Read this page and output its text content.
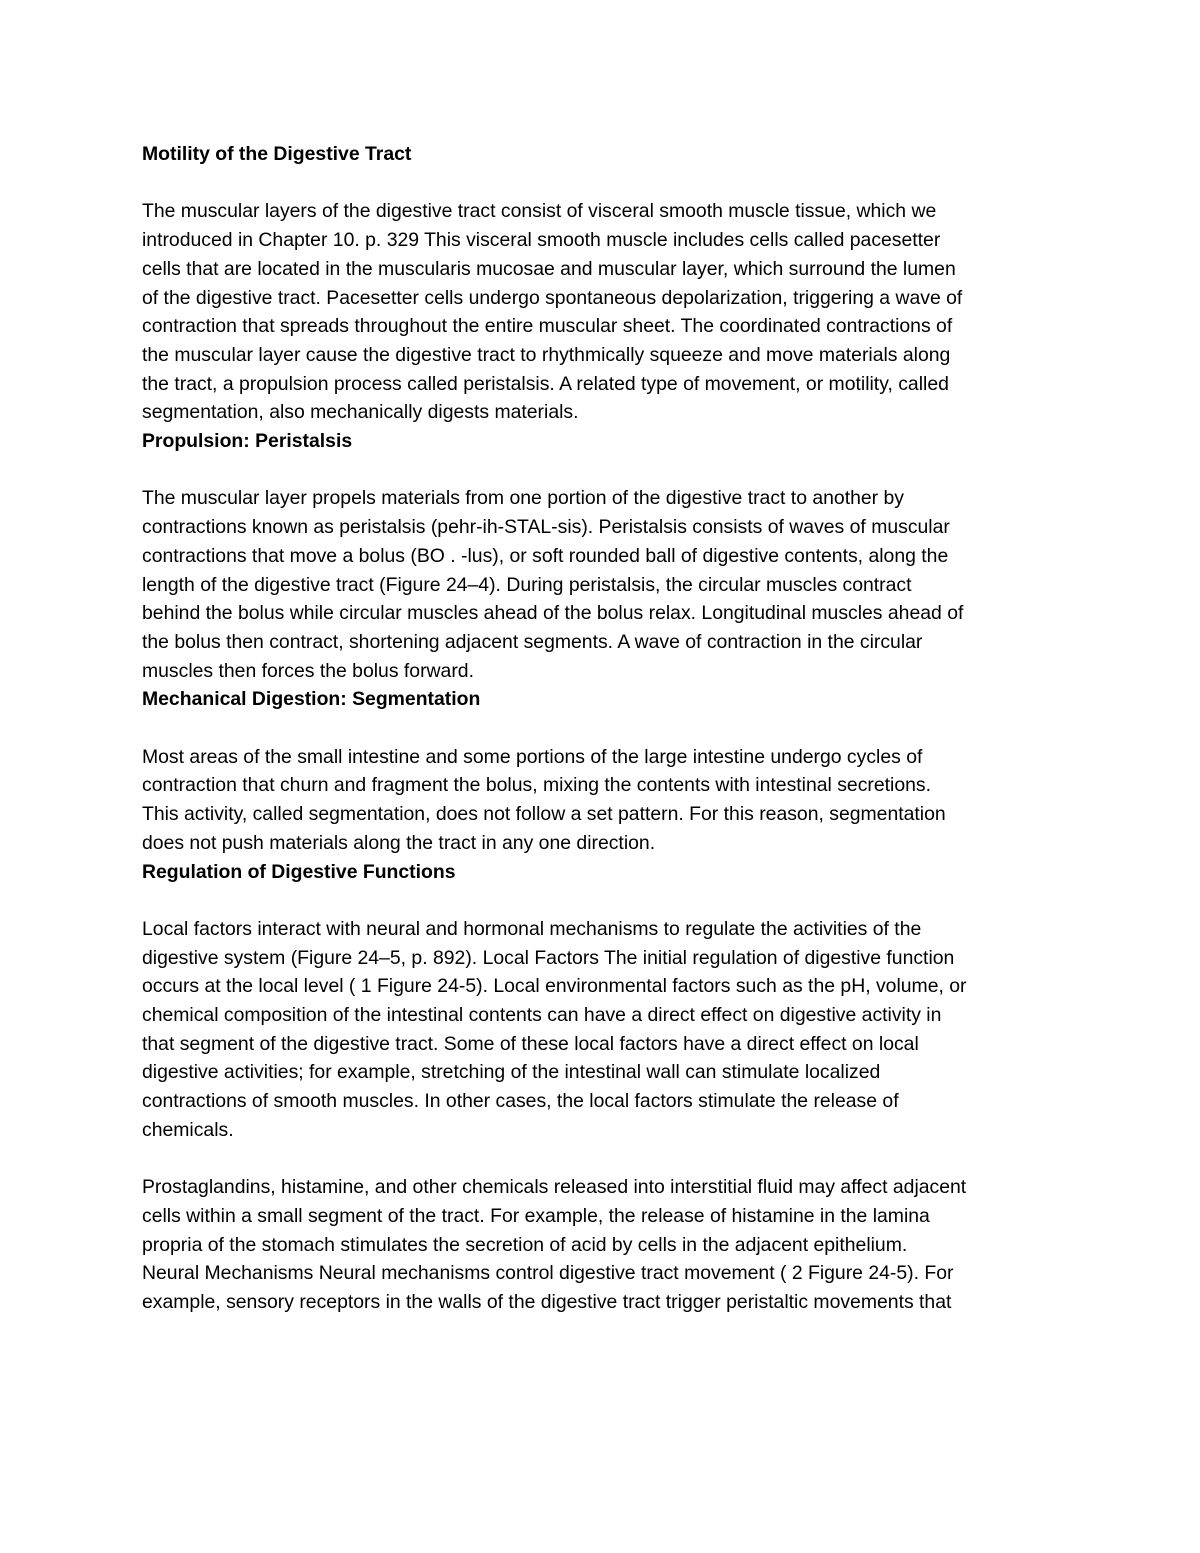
Motility of the Digestive Tract
The muscular layers of the digestive tract consist of visceral smooth muscle tissue, which we
introduced in Chapter 10. p. 329 This visceral smooth muscle includes cells called pacesetter
cells that are located in the muscularis mucosae and muscular layer, which surround the lumen
of the digestive tract. Pacesetter cells undergo spontaneous depolarization, triggering a wave of
contraction that spreads throughout the entire muscular sheet. The coordinated contractions of
the muscular layer cause the digestive tract to rhythmically squeeze and move materials along
the tract, a propulsion process called peristalsis. A related type of movement, or motility, called
segmentation, also mechanically digests materials.
Propulsion: Peristalsis
The muscular layer propels materials from one portion of the digestive tract to another by
contractions known as peristalsis (pehr-ih-STAL-sis). Peristalsis consists of waves of muscular
contractions that move a bolus (BO . -lus), or soft rounded ball of digestive contents, along the
length of the digestive tract (Figure 24–4). During peristalsis, the circular muscles contract
behind the bolus while circular muscles ahead of the bolus relax. Longitudinal muscles ahead of
the bolus then contract, shortening adjacent segments. A wave of contraction in the circular
muscles then forces the bolus forward.
Mechanical Digestion: Segmentation
Most areas of the small intestine and some portions of the large intestine undergo cycles of
contraction that churn and fragment the bolus, mixing the contents with intestinal secretions.
This activity, called segmentation, does not follow a set pattern. For this reason, segmentation
does not push materials along the tract in any one direction.
Regulation of Digestive Functions
Local factors interact with neural and hormonal mechanisms to regulate the activities of the
digestive system (Figure 24–5, p. 892). Local Factors The initial regulation of digestive function
occurs at the local level ( 1 Figure 24-5). Local environmental factors such as the pH, volume, or
chemical composition of the intestinal contents can have a direct effect on digestive activity in
that segment of the digestive tract. Some of these local factors have a direct effect on local
digestive activities; for example, stretching of the intestinal wall can stimulate localized
contractions of smooth muscles. In other cases, the local factors stimulate the release of
chemicals.
Prostaglandins, histamine, and other chemicals released into interstitial fluid may affect adjacent
cells within a small segment of the tract. For example, the release of histamine in the lamina
propria of the stomach stimulates the secretion of acid by cells in the adjacent epithelium.
Neural Mechanisms Neural mechanisms control digestive tract movement ( 2 Figure 24-5). For
example, sensory receptors in the walls of the digestive tract trigger peristaltic movements that
